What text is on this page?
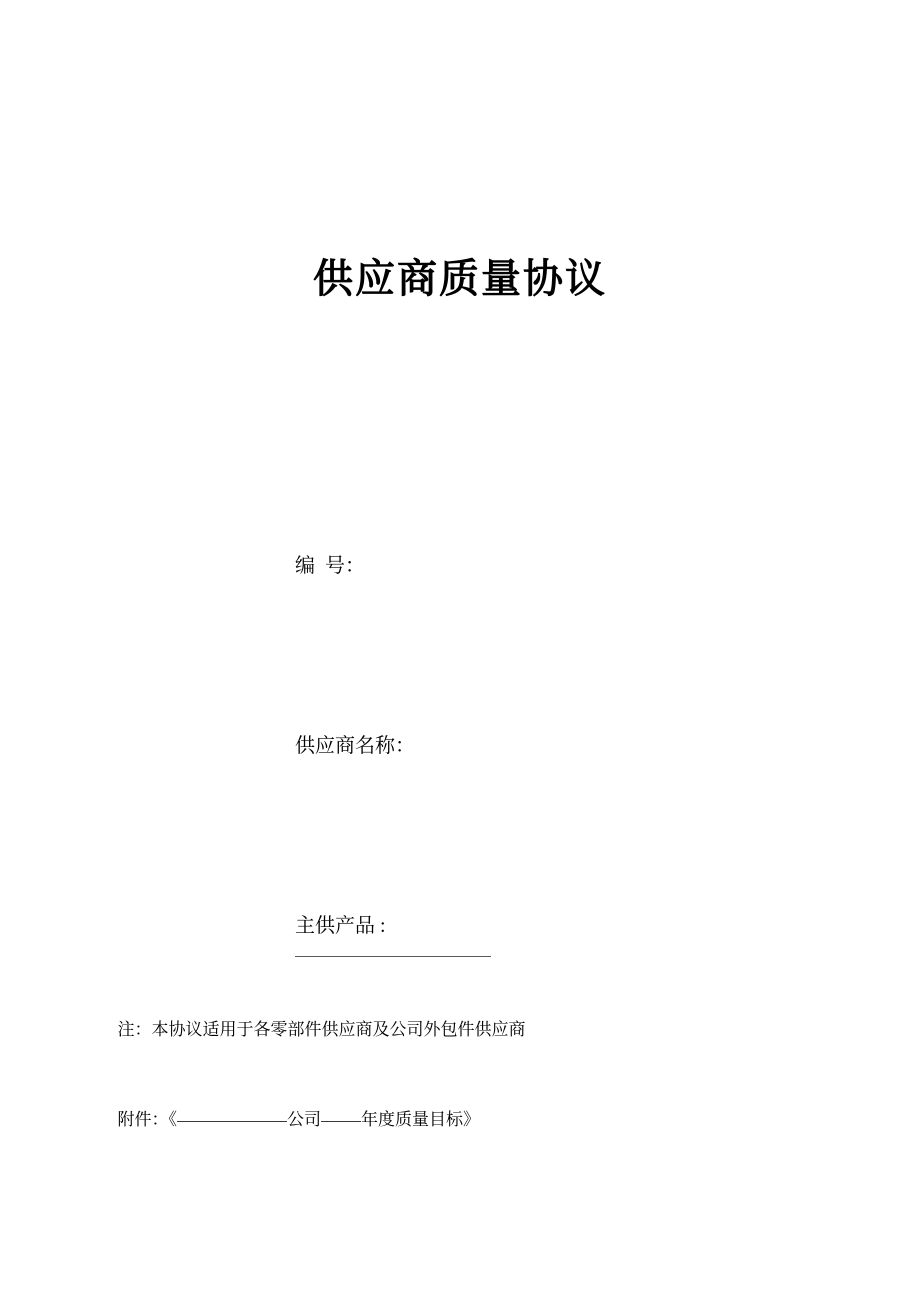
供应商质量协议

编  号：

供应商名称：

主供产品 :

注：本协议适用于各零部件供应商及公司外包件供应商

附件：《	公司 年度质量目标》
